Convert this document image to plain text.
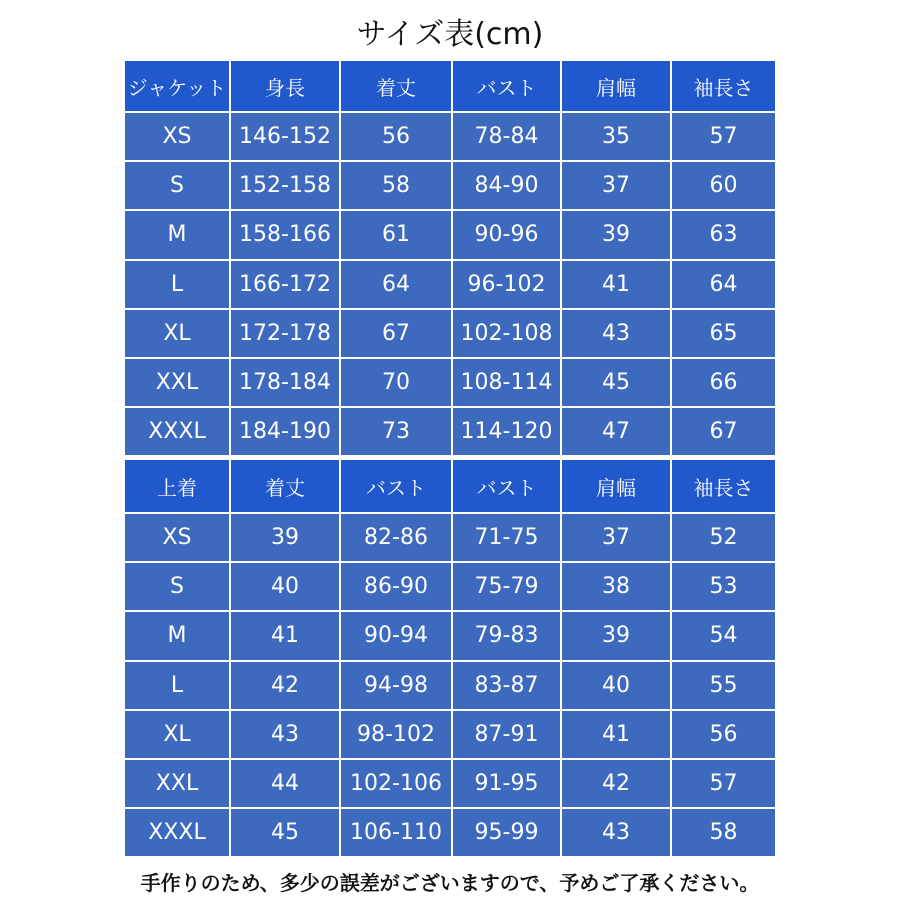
サイズ表(cm)
ジャケット	身長	着丈	バスト	肩幅	袖長さ
XS	146-152	56	78-84	35	57
S	152-158	58	84-90	37	60
M	158-166	61	90-96	39	63
L	166-172	64	96-102	41	64
XL	172-178	67	102-108	43	65
XXL	178-184	70	108-114	45	66
XXXL	184-190	73	114-120	47	67
上着	着丈	バスト	バスト	肩幅	袖長さ
XS	39	82-86	71-75	37	52
S	40	86-90	75-79	38	53
M	41	90-94	79-83	39	54
L	42	94-98	83-87	40	55
XL	43	98-102	87-91	41	56
XXL	44	102-106	91-95	42	57
XXXL	45	106-110	95-99	43	58
手作りのため、多少の誤差がございますので、予めご了承ください。
